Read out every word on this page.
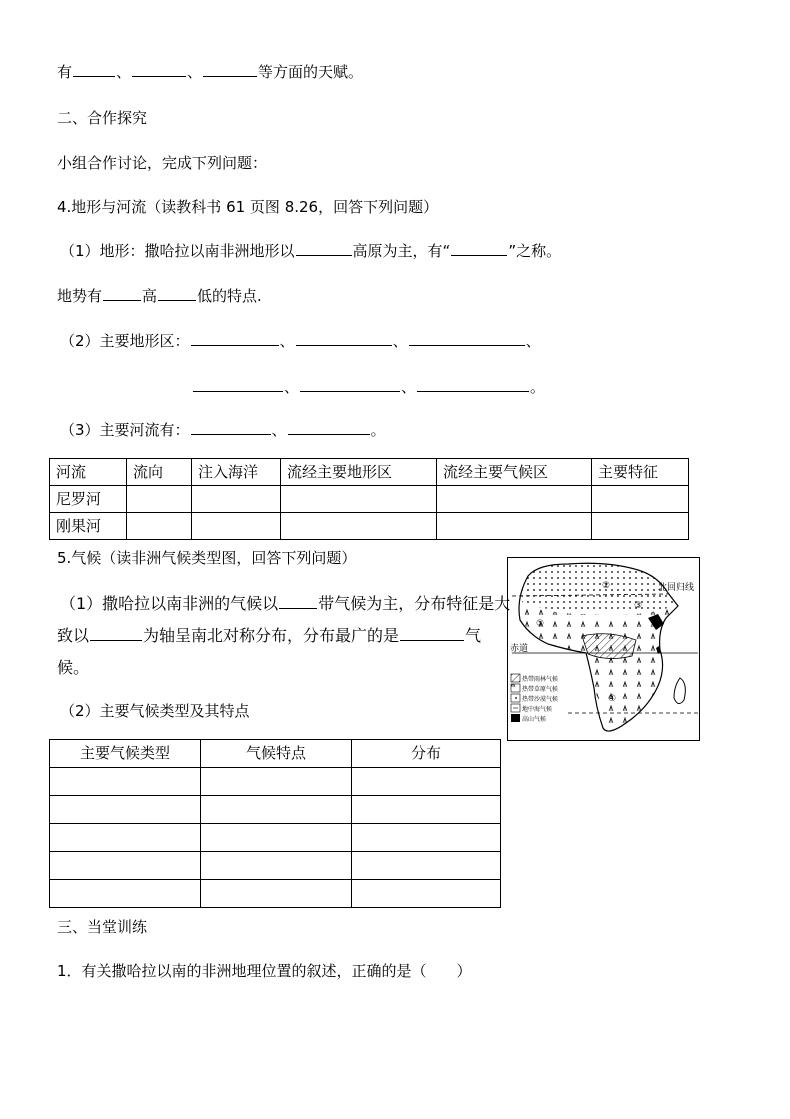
有	、	、	等方面的天赋。
二、合作探究
小组合作讨论，完成下列问题：
4.地形与河流（读教科书 61 页图 8.26，回答下列问题）
（1）地形：撒哈拉以南非洲地形以	高原为主，有“	”之称。
地势有	高	低的特点.
（2）主要地形区：	、	、	、
、	、	。
（3）主要河流有：	、	。
河流	流向	注入海洋	流经主要地形区	流经主要气候区	主要特征
尼罗河					
刚果河					
5.气候（读非洲气候类型图，回答下列问题）
（1）撒哈拉以南非洲的气候以	带气候为主，分布特征是大
致以	为轴呈南北对称分布，分布最广的是	气
候。
（2）主要气候类型及其特点
主要气候类型	气候特点	分布

①
②
③
④
北回归线
赤道
热带雨林气候
热带草原气候
热带沙漠气候
地中海气候
高山气候
三、当堂训练
1．有关撒哈拉以南的非洲地理位置的叙述，正确的是（　　）
